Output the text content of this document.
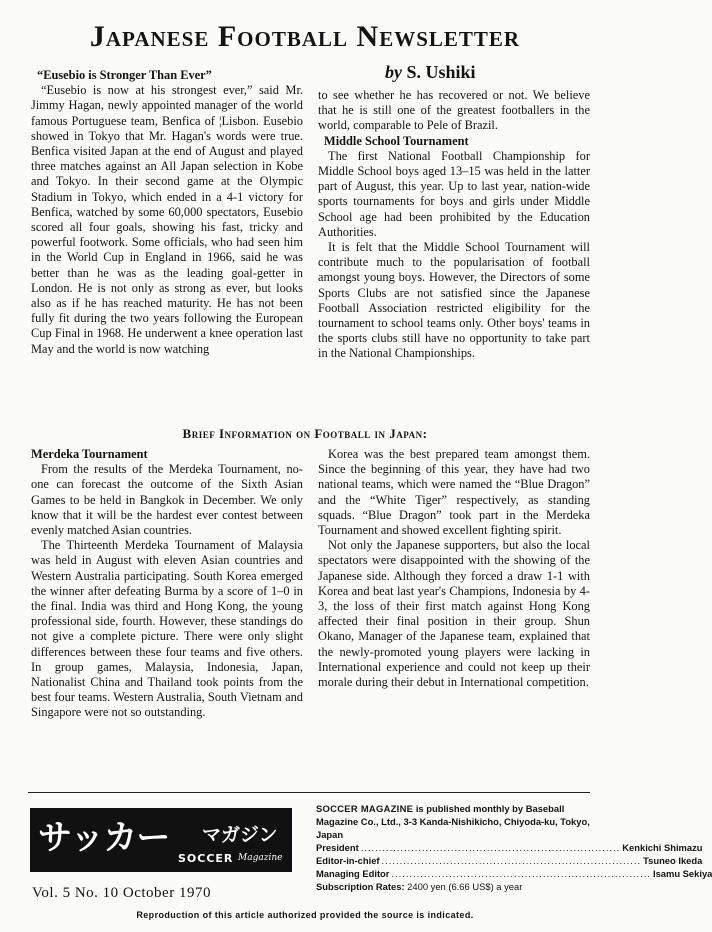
Japanese Football Newsletter
by S. Ushiki
“Eusebio is Stronger Than Ever”

“Eusebio is now at his strongest ever,” said Mr. Jimmy Hagan, newly appointed manager of the world famous Portuguese team, Benfica of ¦Lisbon. Eusebio showed in Tokyo that Mr. Hagan's words were true. Benfica visited Japan at the end of August and played three matches against an All Japan selection in Kobe and Tokyo. In their second game at the Olympic Stadium in Tokyo, which ended in a 4-1 victory for Benfica, watched by some 60,000 spectators, Eusebio scored all four goals, showing his fast, tricky and powerful footwork. Some officials, who had seen him in the World Cup in England in 1966, said he was better than he was as the leading goal-getter in London. He is not only as strong as ever, but looks also as if he has reached maturity. He has not been fully fit during the two years following the European Cup Final in 1968. He underwent a knee operation last May and the world is now watching

to see whether he has recovered or not. We believe that he is still one of the greatest footballers in the world, comparable to Pele of Brazil.

Middle School Tournament

The first National Football Championship for Middle School boys aged 13–15 was held in the latter part of August, this year. Up to last year, nation-wide sports tournaments for boys and girls under Middle School age had been prohibited by the Education Authorities.

It is felt that the Middle School Tournament will contribute much to the popularisation of football amongst young boys. However, the Directors of some Sports Clubs are not satisfied since the Japanese Football Association restricted eligibility for the tournament to school teams only. Other boys' teams in the sports clubs still have no opportunity to take part in the National Championships.

Brief Information on Football in Japan:
Merdeka Tournament

From the results of the Merdeka Tournament, no-one can forecast the outcome of the Sixth Asian Games to be held in Bangkok in December. We only know that it will be the hardest ever contest between evenly matched Asian countries.

The Thirteenth Merdeka Tournament of Malaysia was held in August with eleven Asian countries and Western Australia participating. South Korea emerged the winner after defeating Burma by a score of 1–0 in the final. India was third and Hong Kong, the young professional side, fourth. However, these standings do not give a complete picture. There were only slight differences between these four teams and five others. In group games, Malaysia, Indonesia, Japan, Nationalist China and Thailand took points from the best four teams. Western Australia, South Vietnam and Singapore were not so outstanding.

Korea was the best prepared team amongst them. Since the beginning of this year, they have had two national teams, which were named the “Blue Dragon” and the “White Tiger” respectively, as standing squads. “Blue Dragon” took part in the Merdeka Tournament and showed excellent fighting spirit.

Not only the Japanese supporters, but also the local spectators were disappointed with the showing of the Japanese side. Although they forced a draw 1-1 with Korea and beat last year's Champions, Indonesia by 4-3, the loss of their first match against Hong Kong affected their final position in their group. Shun Okano, Manager of the Japanese team, explained that the newly-promoted young players were lacking in International experience and could not keep up their morale during their debut in International competition.

サッカー マガジン
SOCCER Magazine
Vol. 5 No. 10 October 1970
SOCCER MAGAZINE is published monthly by Baseball Magazine Co., Ltd., 3-3 Kanda-Nishikicho, Chiyoda-ku, Tokyo, Japan
President ........................................................................ Kenkichi Shimazu
Editor-in-chief ........................................................................ Tsuneo Ikeda
Managing Editor ........................................................................ Isamu Sekiya
Subscription Rates: 2400 yen (6.66 US$) a year
Reproduction of this article authorized provided the source is indicated.
